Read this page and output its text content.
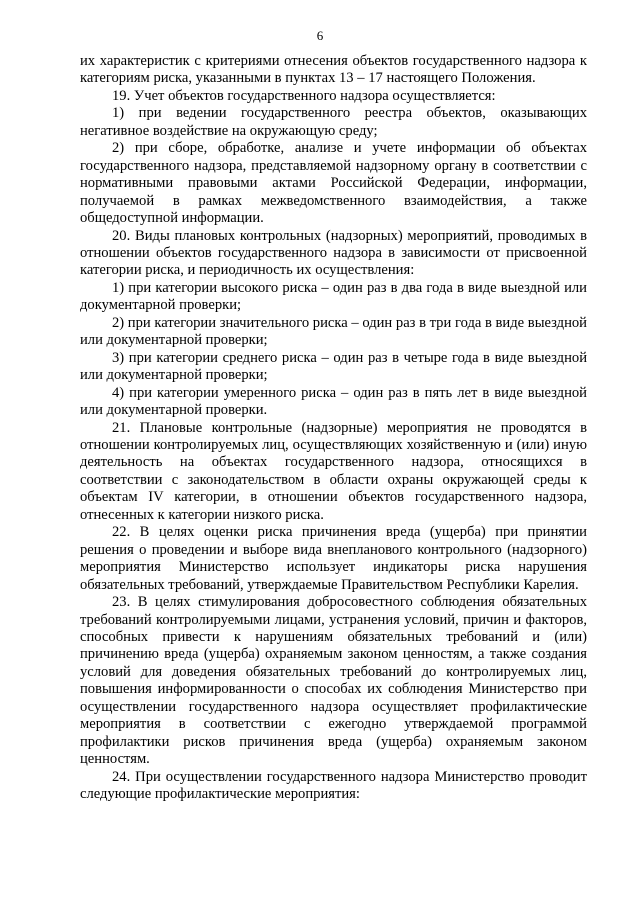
6

их характеристик с критериями отнесения объектов государственного надзора к категориям риска, указанными в пунктах 13 – 17 настоящего Положения.

19. Учет объектов государственного надзора осуществляется:

1) при ведении государственного реестра объектов, оказывающих негативное воздействие на окружающую среду;

2) при сборе, обработке, анализе и учете информации об объектах государственного надзора, представляемой надзорному органу в соответствии с нормативными правовыми актами Российской Федерации, информации, получаемой в рамках межведомственного взаимодействия, а также общедоступной информации.

20. Виды плановых контрольных (надзорных) мероприятий, проводимых в отношении объектов государственного надзора в зависимости от присвоенной категории риска, и периодичность их осуществления:

1) при категории высокого риска – один раз в два года в виде выездной или документарной проверки;

2) при категории значительного риска – один раз в три года в виде выездной или документарной проверки;

3) при категории среднего риска – один раз в четыре года в виде выездной или документарной проверки;

4) при категории умеренного риска – один раз в пять лет в виде выездной или документарной проверки.

21. Плановые контрольные (надзорные) мероприятия не проводятся в отношении контролируемых лиц, осуществляющих хозяйственную и (или) иную деятельность на объектах государственного надзора, относящихся в соответствии с законодательством в области охраны окружающей среды к объектам IV категории, в отношении объектов государственного надзора, отнесенных к категории низкого риска.

22. В целях оценки риска причинения вреда (ущерба) при принятии решения о проведении и выборе вида внепланового контрольного (надзорного) мероприятия Министерство использует индикаторы риска нарушения обязательных требований, утверждаемые Правительством Республики Карелия.

23. В целях стимулирования добросовестного соблюдения обязательных требований контролируемыми лицами, устранения условий, причин и факторов, способных привести к нарушениям обязательных требований и (или) причинению вреда (ущерба) охраняемым законом ценностям, а также создания условий для доведения обязательных требований до контролируемых лиц, повышения информированности о способах их соблюдения Министерство при осуществлении государственного надзора осуществляет профилактические мероприятия в соответствии с ежегодно утверждаемой программой профилактики рисков причинения вреда (ущерба) охраняемым законом ценностям.

24. При осуществлении государственного надзора Министерство проводит следующие профилактические мероприятия:
